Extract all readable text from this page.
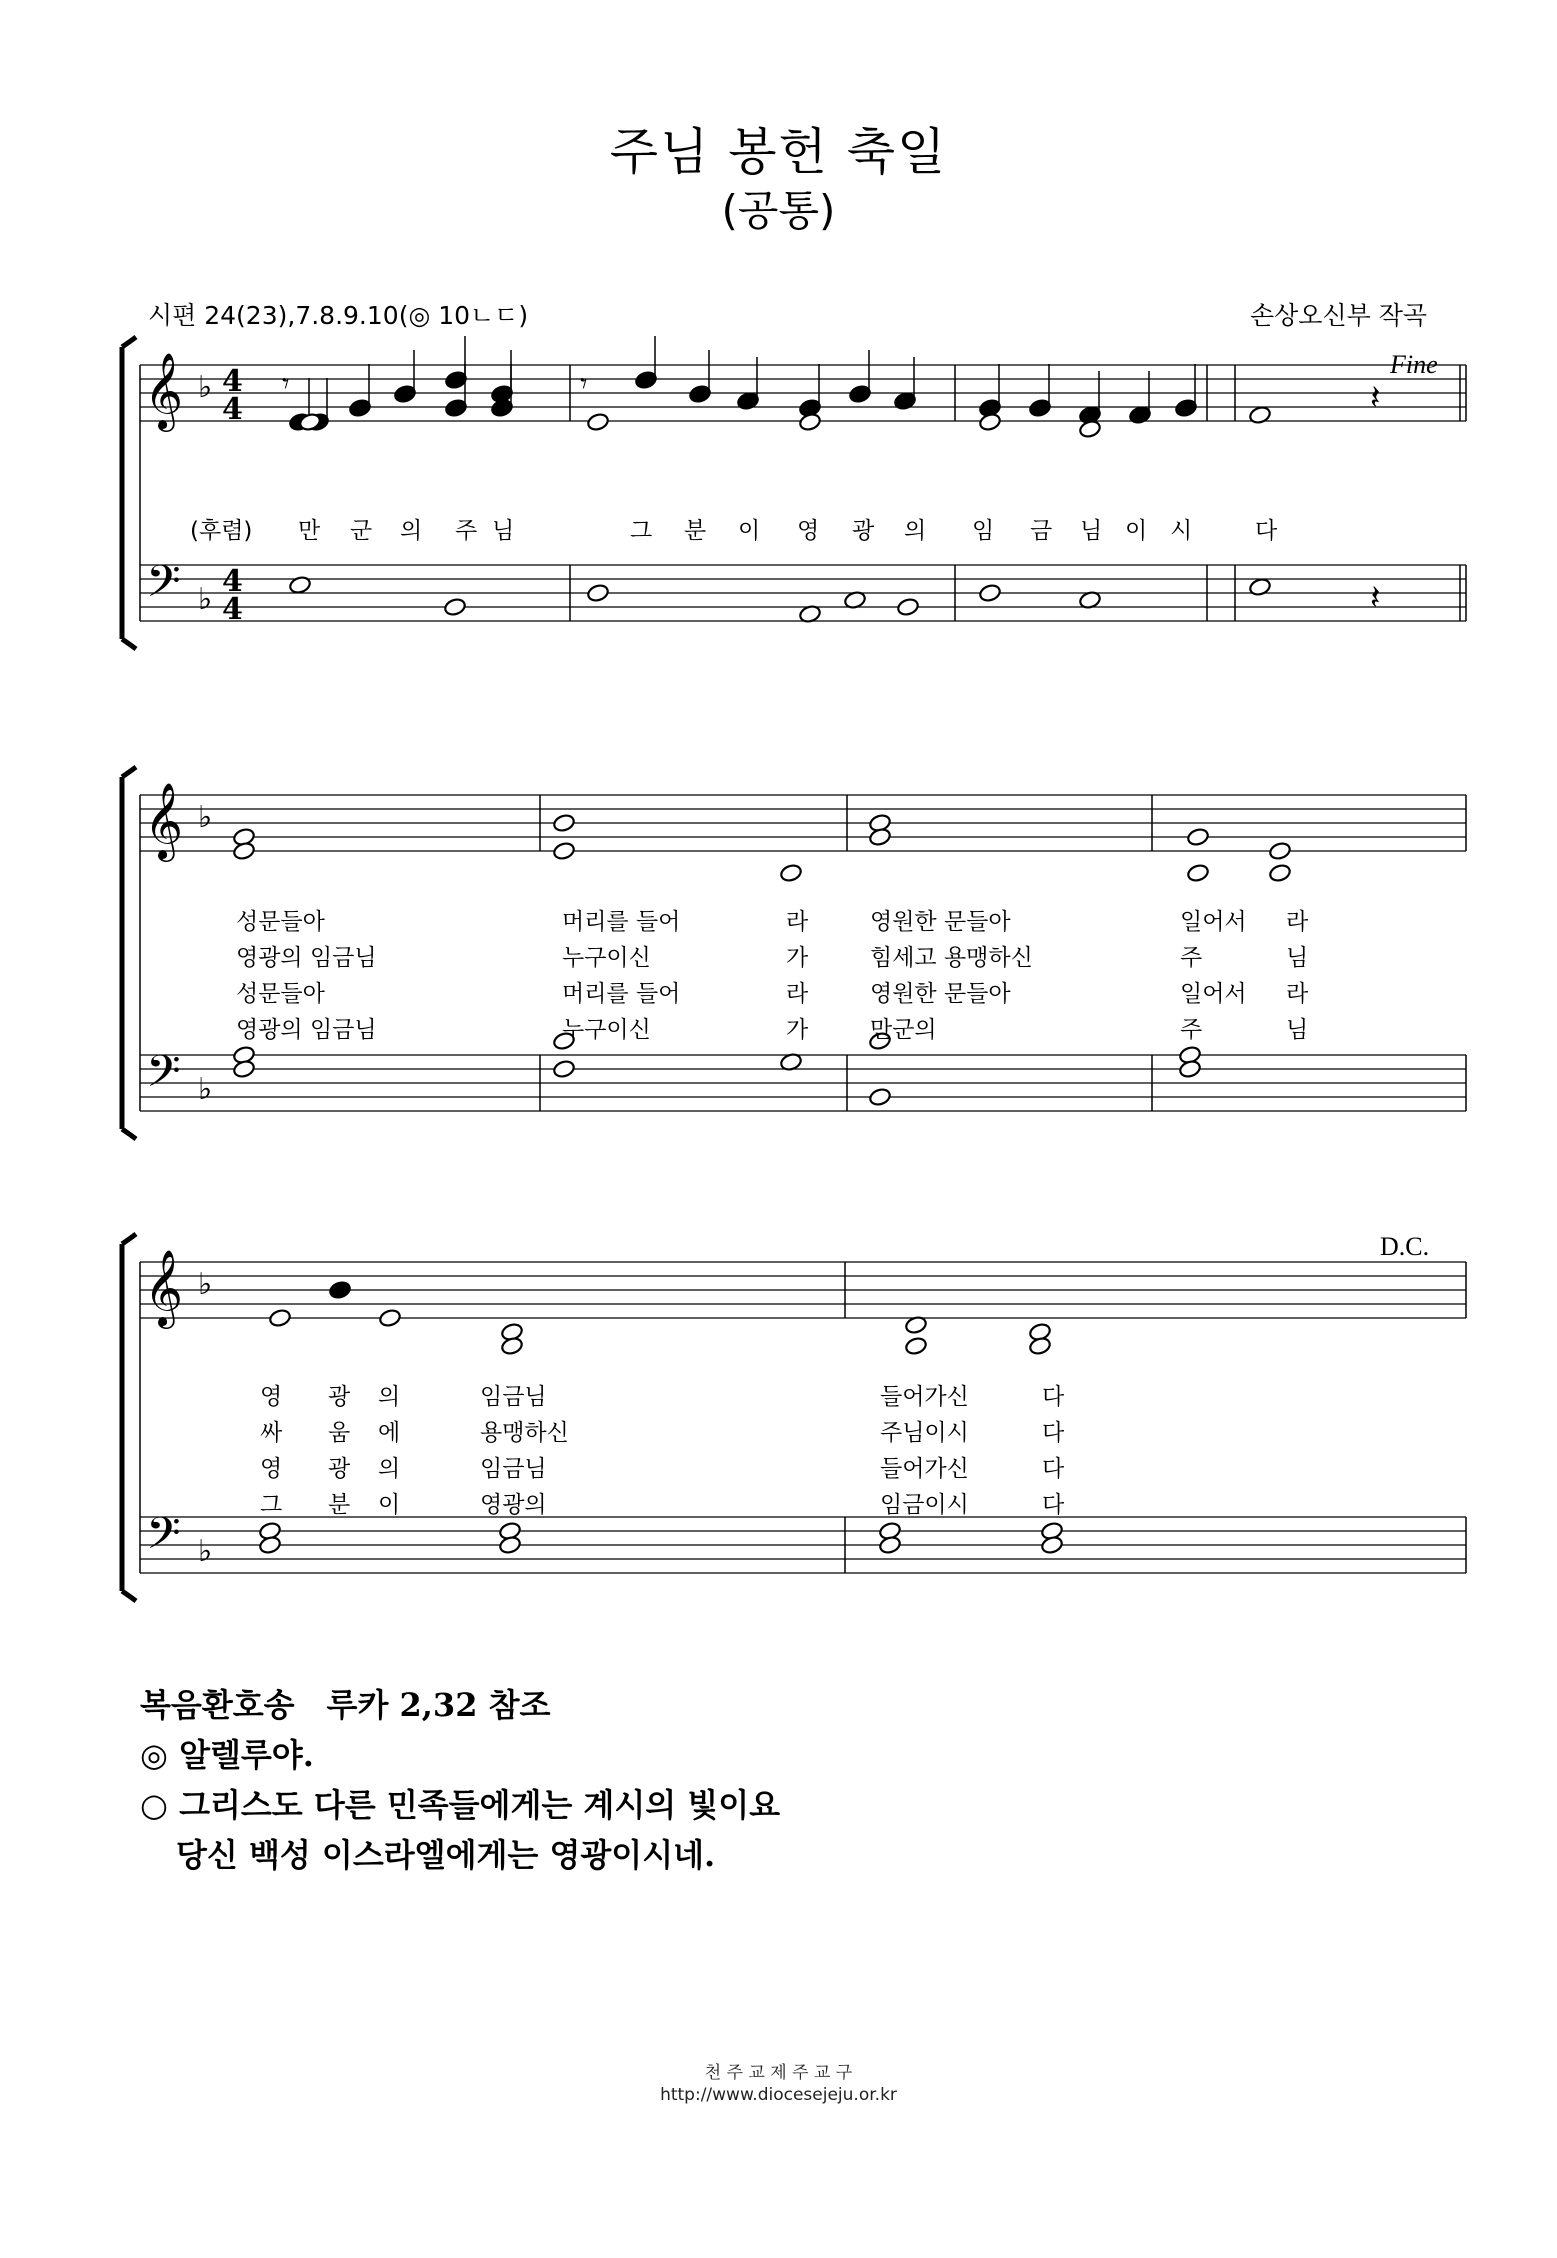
주님 봉헌 축일
(공통)
시편 24(23),7.8.9.10(◎ 10ㄴㄷ)	손상오신부 작곡
Fine
D.C.
𝄞
𝄢
♭
♭
4
4
4
4
𝄽
𝄽
𝄾	𝄾
𝄞
𝄢
♭
♭
𝄞
𝄢
♭
♭
(후렴) 만 군 의 주 님	그 분 이 영 광 의 임 금 님 이 시	다
성문들아	머리를 들어	라	영원한 문들아	일어서 라
영광의 임금님	누구이신	가	힘세고 용맹하신	주	님
성문들아	머리를 들어	라	영원한 문들아	일어서 라
영광의 임금님	누구이신	가	만군의	주	님
영 광 의	임금님	들어가신	다
싸 움 에	용맹하신	주님이시	다
영 광 의	임금님	들어가신	다
그 분 이	영광의	임금이시	다
복음환호송　루카 2,32 참조
◎ 알렐루야.
○ 그리스도 다른 민족들에게는 계시의 빛이요
당신 백성 이스라엘에게는 영광이시네.
천 주 교 제 주 교 구
http://www.diocesejeju.or.kr
